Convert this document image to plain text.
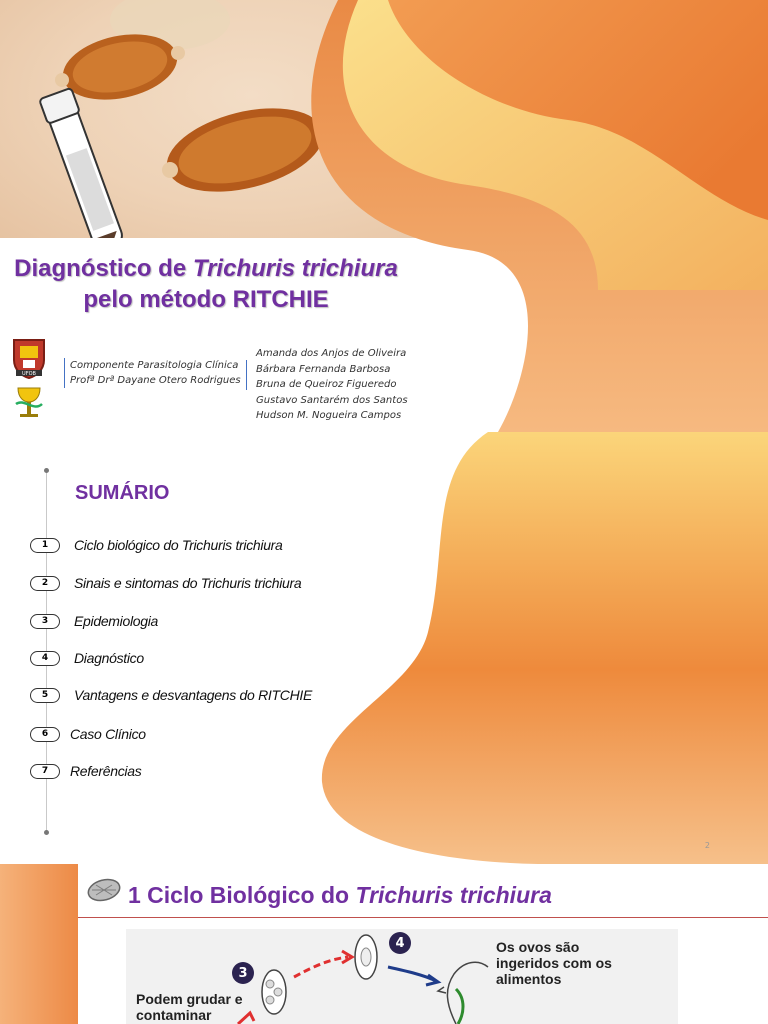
Diagnóstico de Trichuris trichiura
pelo método RITCHIE
UFOB
Componente Parasitologia Clínica
Profª Drª Dayane Otero Rodrigues
Amanda dos Anjos de Oliveira
Bárbara Fernanda Barbosa
Bruna de Queiroz Figueredo
Gustavo Santarém dos Santos
Hudson M. Nogueira Campos
SUMÁRIO
1	Ciclo biológico do Trichuris trichiura
2	Sinais e sintomas do Trichuris trichiura
3	Epidemiologia
4	Diagnóstico
5	Vantagens e desvantagens do RITCHIE
6	Caso Clínico
7	Referências
2
1 Ciclo Biológico do Trichuris trichiura
3
4
Podem grudar e contaminar
Os ovos são ingeridos com os alimentos
